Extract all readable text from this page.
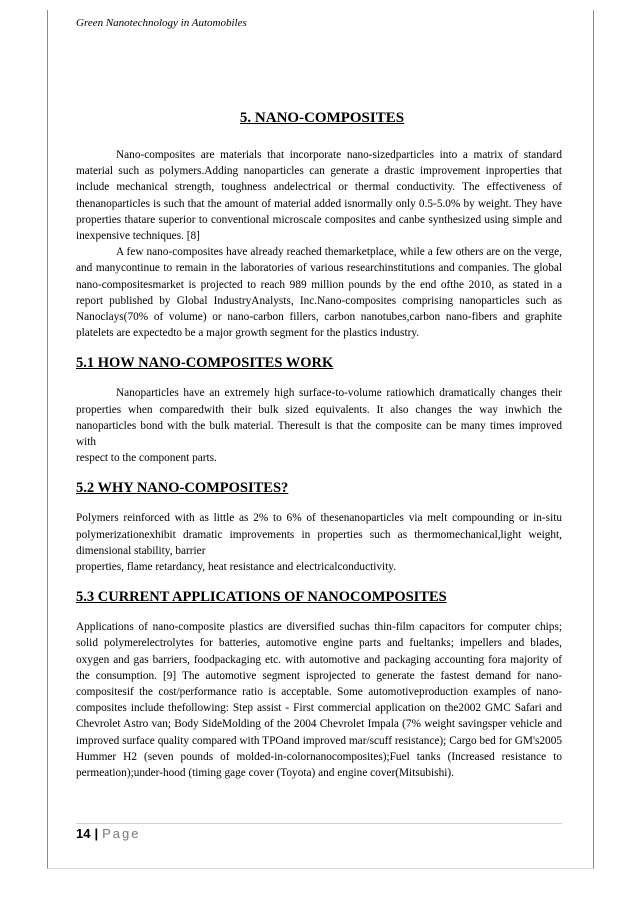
Green Nanotechnology in Automobiles
5. NANO-COMPOSITES

Nano-composites are materials that incorporate nano-sizedparticles into a matrix of standard material such as polymers.Adding nanoparticles can generate a drastic improvement inproperties that include mechanical strength, toughness andelectrical or thermal conductivity. The effectiveness of thenanoparticles is such that the amount of material added isnormally only 0.5-5.0% by weight. They have properties thatare superior to conventional microscale composites and canbe synthesized using simple and inexpensive techniques. [8]

A few nano-composites have already reached themarketplace, while a few others are on the verge, and manycontinue to remain in the laboratories of various researchinstitutions and companies. The global nano-compositesmarket is projected to reach 989 million pounds by the end ofthe 2010, as stated in a report published by Global IndustryAnalysts, Inc.Nano-composites comprising nanoparticles such as Nanoclays(70% of volume) or nano-carbon fillers, carbon nanotubes,carbon nano-fibers and graphite platelets are expectedto be a major growth segment for the plastics industry.

5.1 HOW NANO-COMPOSITES WORK

Nanoparticles have an extremely high surface-to-volume ratiowhich dramatically changes their properties when comparedwith their bulk sized equivalents. It also changes the way inwhich the nanoparticles bond with the bulk material. Theresult is that the composite can be many times improved with

respect to the component parts.
5.2 WHY NANO-COMPOSITES?

Polymers reinforced with as little as 2% to 6% of thesenanoparticles via melt compounding or in-situ polymerizationexhibit dramatic improvements in properties such as thermomechanical,light weight, dimensional stability, barrier

properties, flame retardancy, heat resistance and electricalconductivity.
5.3 CURRENT APPLICATIONS OF NANOCOMPOSITES

Applications of nano-composite plastics are diversified suchas thin-film capacitors for computer chips; solid polymerelectrolytes for batteries, automotive engine parts and fueltanks; impellers and blades, oxygen and gas barriers, foodpackaging etc. with automotive and packaging accounting fora majority of the consumption. [9] The automotive segment isprojected to generate the fastest demand for nano-compositesif the cost/performance ratio is acceptable. Some automotiveproduction examples of nano-composites include thefollowing: Step assist - First commercial application on the2002 GMC Safari and Chevrolet Astro van; Body SideMolding of the 2004 Chevrolet Impala (7% weight savingsper vehicle and improved surface quality compared with TPOand improved mar/scuff resistance); Cargo bed for GM's2005 Hummer H2 (seven pounds of molded-in-colornanocomposites);Fuel tanks (Increased resistance to permeation);under-hood (timing gage cover (Toyota) and engine cover(Mitsubishi).

14 | Page
